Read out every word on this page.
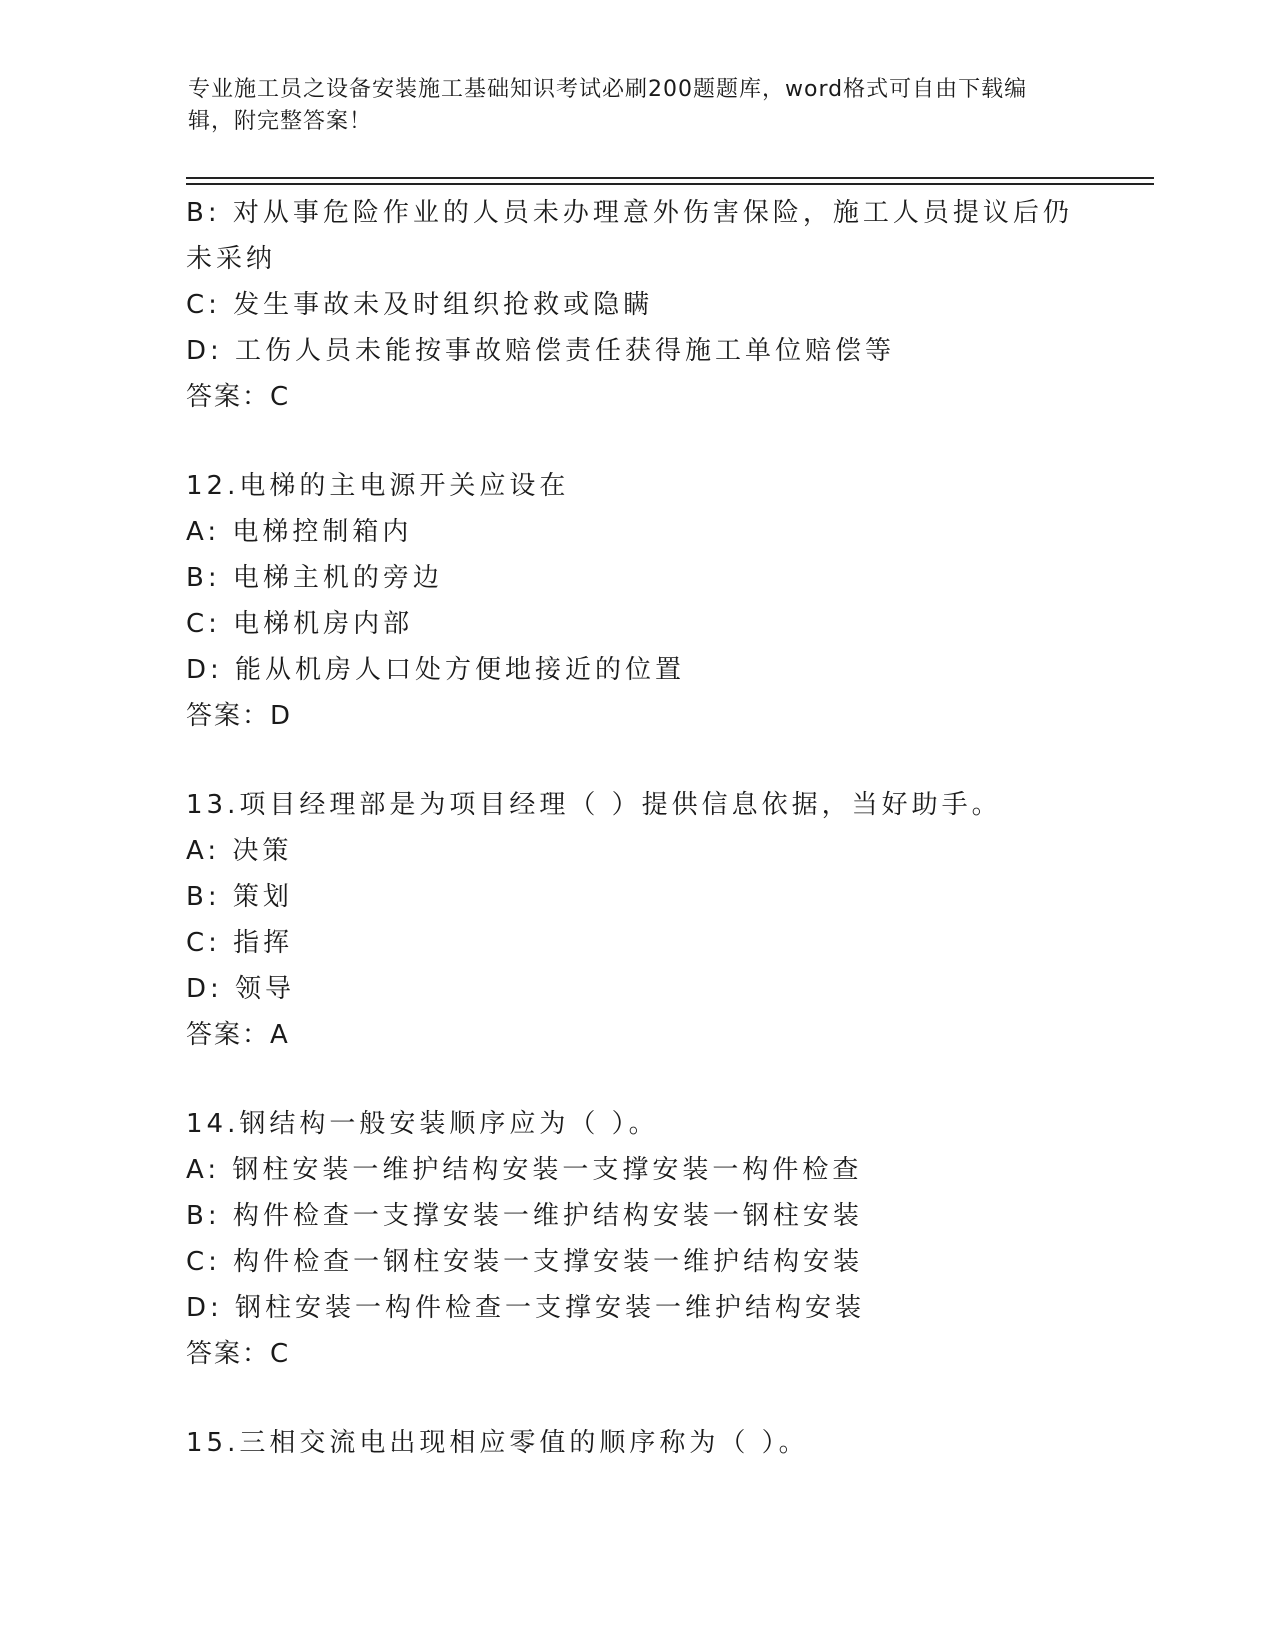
专业施工员之设备安装施工基础知识考试必刷200题题库，word格式可自由下载编辑，附完整答案！
B: 对从事危险作业的人员未办理意外伤害保险，施工人员提议后仍未采纳
C: 发生事故未及时组织抢救或隐瞒
D: 工伤人员未能按事故赔偿责任获得施工单位赔偿等
答案：C
12.电梯的主电源开关应设在
A: 电梯控制箱内
B: 电梯主机的旁边
C: 电梯机房内部
D: 能从机房人口处方便地接近的位置
答案：D
13.项目经理部是为项目经理（ ）提供信息依据，当好助手。
A: 决策
B: 策划
C: 指挥
D: 领导
答案：A
14.钢结构一般安装顺序应为（ ）。
A: 钢柱安装一维护结构安装一支撑安装一构件检查
B: 构件检查一支撑安装一维护结构安装一钢柱安装
C: 构件检查一钢柱安装一支撑安装一维护结构安装
D: 钢柱安装一构件检查一支撑安装一维护结构安装
答案：C
15.三相交流电出现相应零值的顺序称为（ ）。
